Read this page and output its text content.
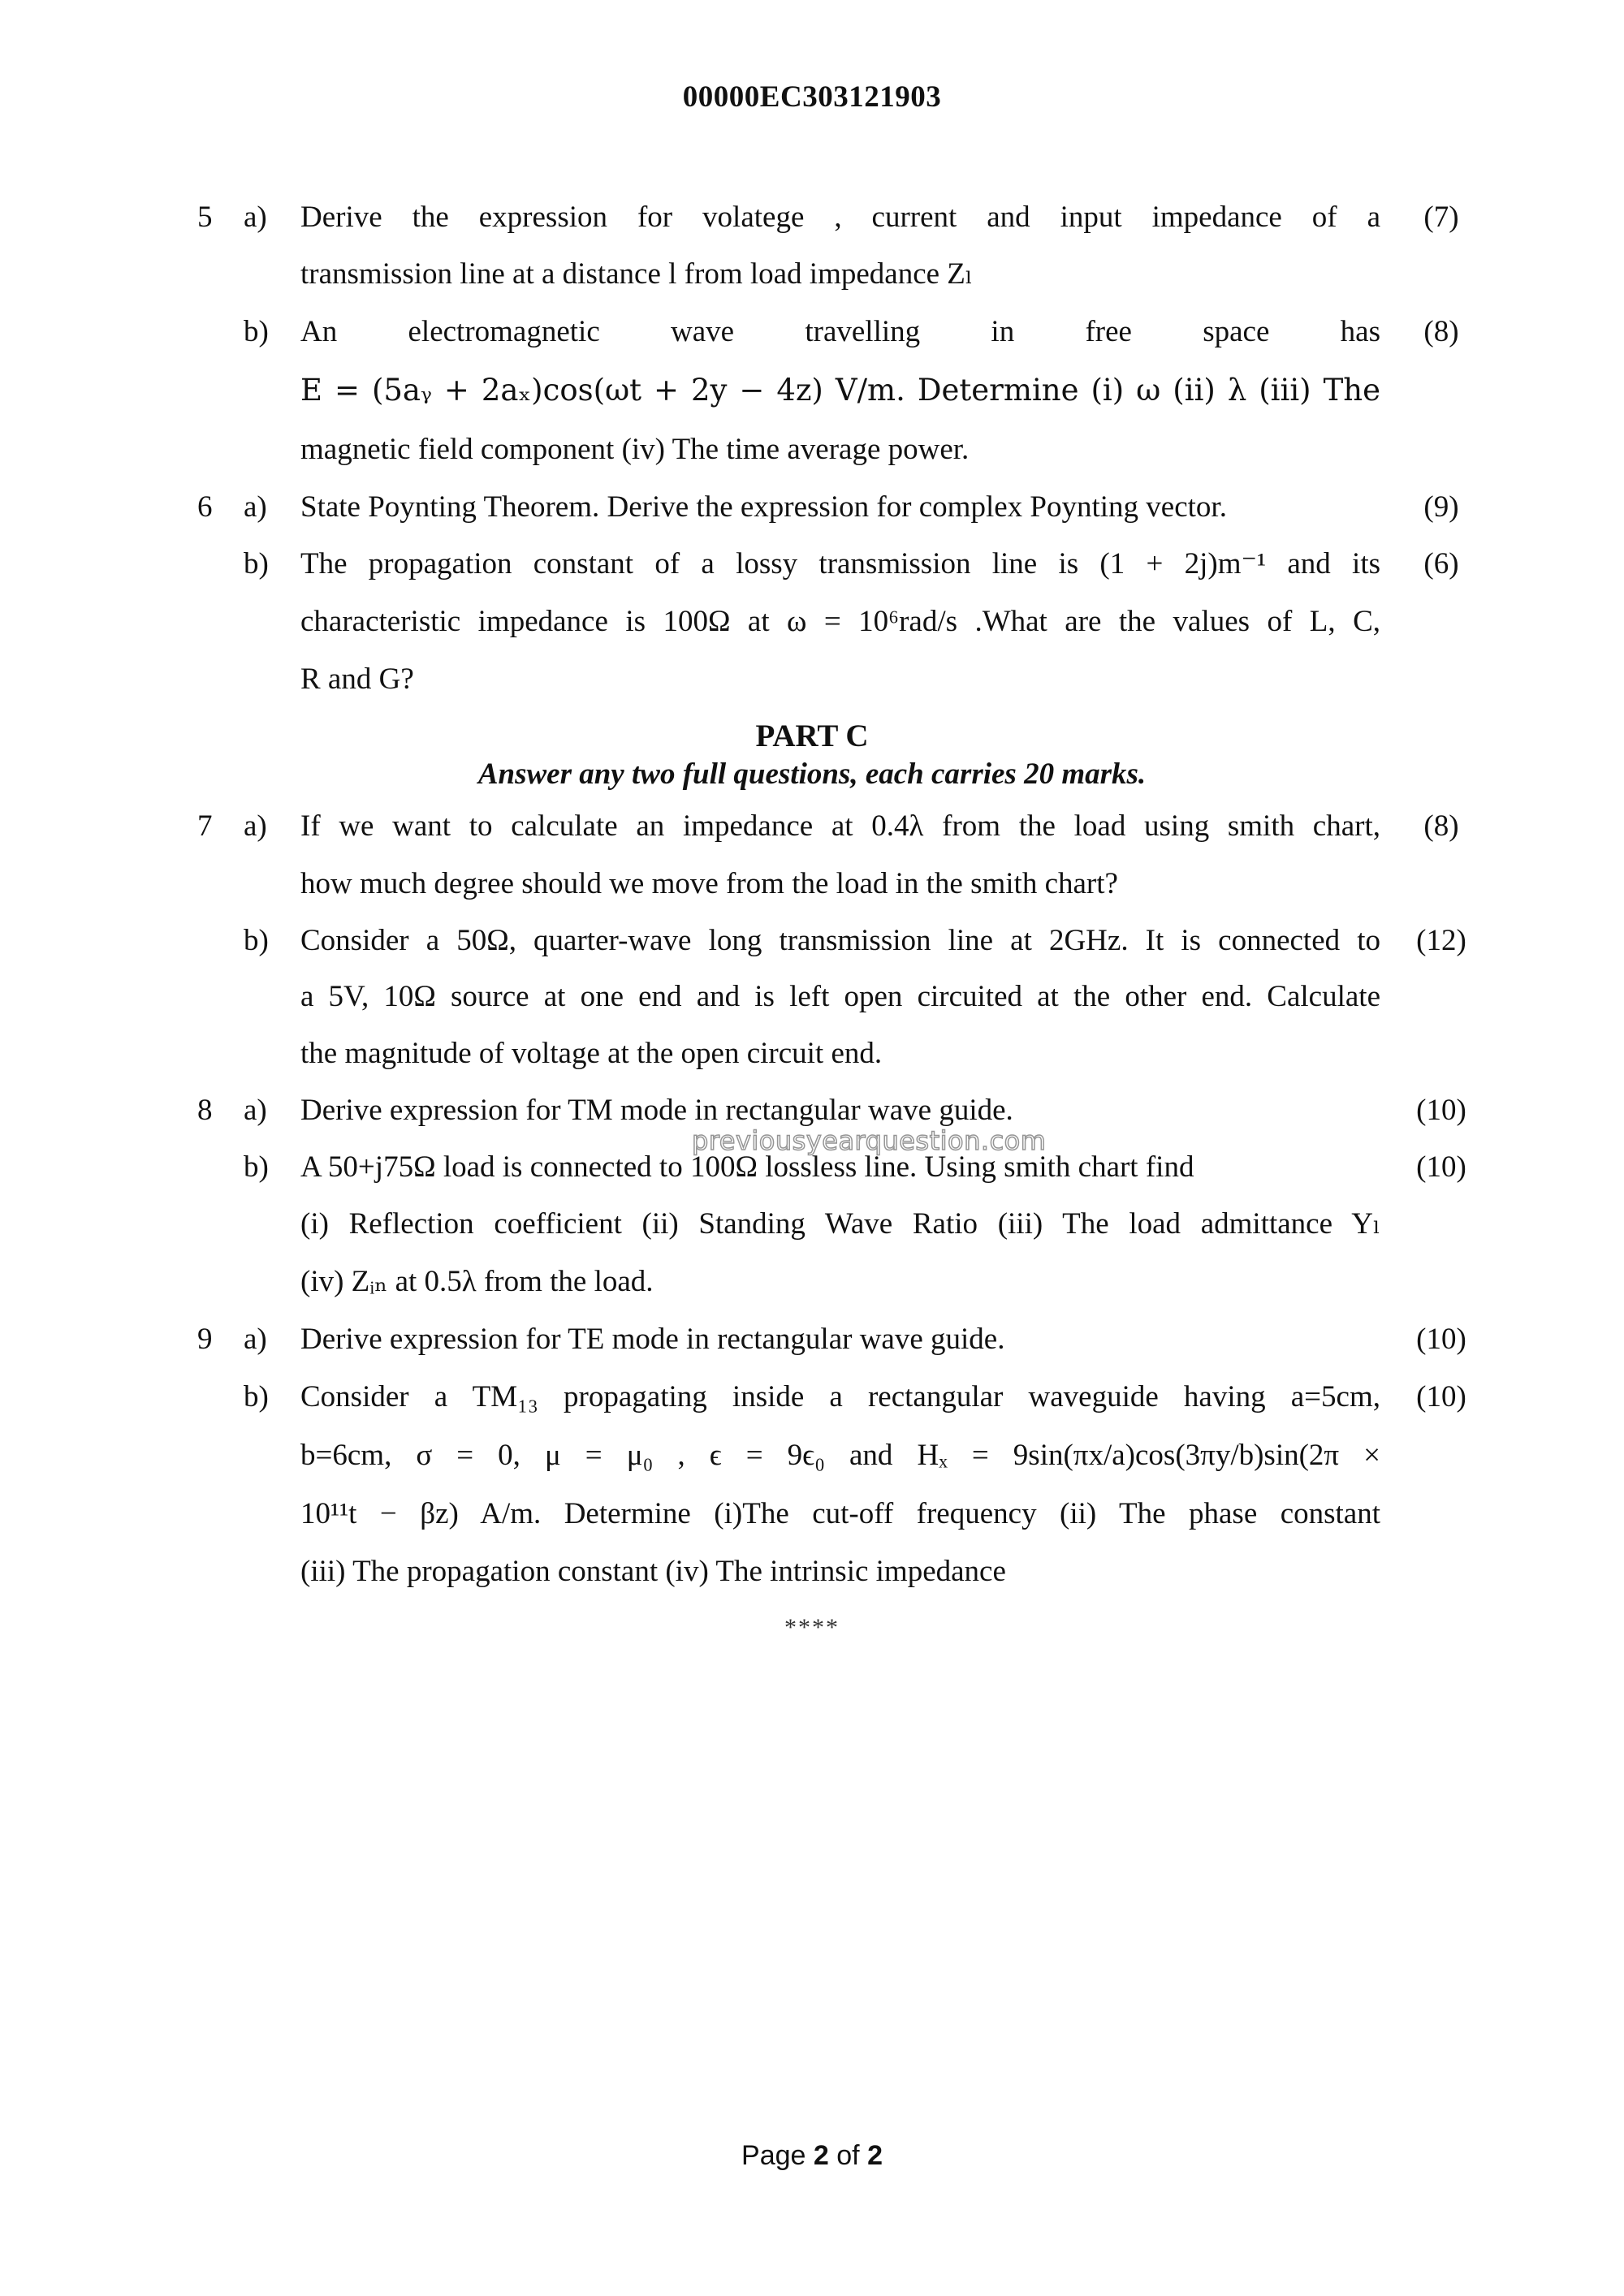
00000EC303121903
5	a)	Derive the expression for volatege , current and input impedance of a	(7)
transmission line at a distance l from load impedance Zₗ
b)	An electromagnetic wave travelling in free space has	(8)
E = (5aᵧ + 2aₓ)cos(ωt + 2y − 4z) V/m. Determine (i) ω (ii) λ (iii) The
magnetic field component (iv) The time average power.
6	a)	State Poynting Theorem. Derive the expression for complex Poynting vector.	(9)
b)	The propagation constant of a lossy transmission line is (1 + 2j)m⁻¹ and its	(6)
characteristic impedance is 100Ω at ω = 10⁶rad/s .What are the values of L, C,
R and G?
PART C
Answer any two full questions, each carries 20 marks.
7	a)	If we want to calculate an impedance at 0.4λ from the load using smith chart,	(8)
how much degree should we move from the load in the smith chart?
b)	Consider a 50Ω, quarter-wave long transmission line at 2GHz. It is connected to	(12)
a 5V, 10Ω source at one end and is left open circuited at the other end. Calculate
the magnitude of voltage at the open circuit end.
8	a)	Derive expression for TM mode in rectangular wave guide.	(10)
previousyearquestion.com
b)	A 50+j75Ω load is connected to 100Ω lossless line. Using smith chart find	(10)
(i) Reflection coefficient (ii) Standing Wave Ratio (iii) The load admittance Yₗ
(iv) Zᵢₙ at 0.5λ from the load.
9	a)	Derive expression for TE mode in rectangular wave guide.	(10)
b)	Consider a TM₁₃ propagating inside a rectangular waveguide having a=5cm,	(10)
b=6cm, σ = 0, μ = μ₀ , ϵ = 9ϵ₀ and Hₓ = 9sin(πx/a)cos(3πy/b)sin(2π ×
10¹¹t − βz) A/m. Determine (i)The cut-off frequency (ii) The phase constant
(iii) The propagation constant (iv) The intrinsic impedance
****
Page 2 of 2
